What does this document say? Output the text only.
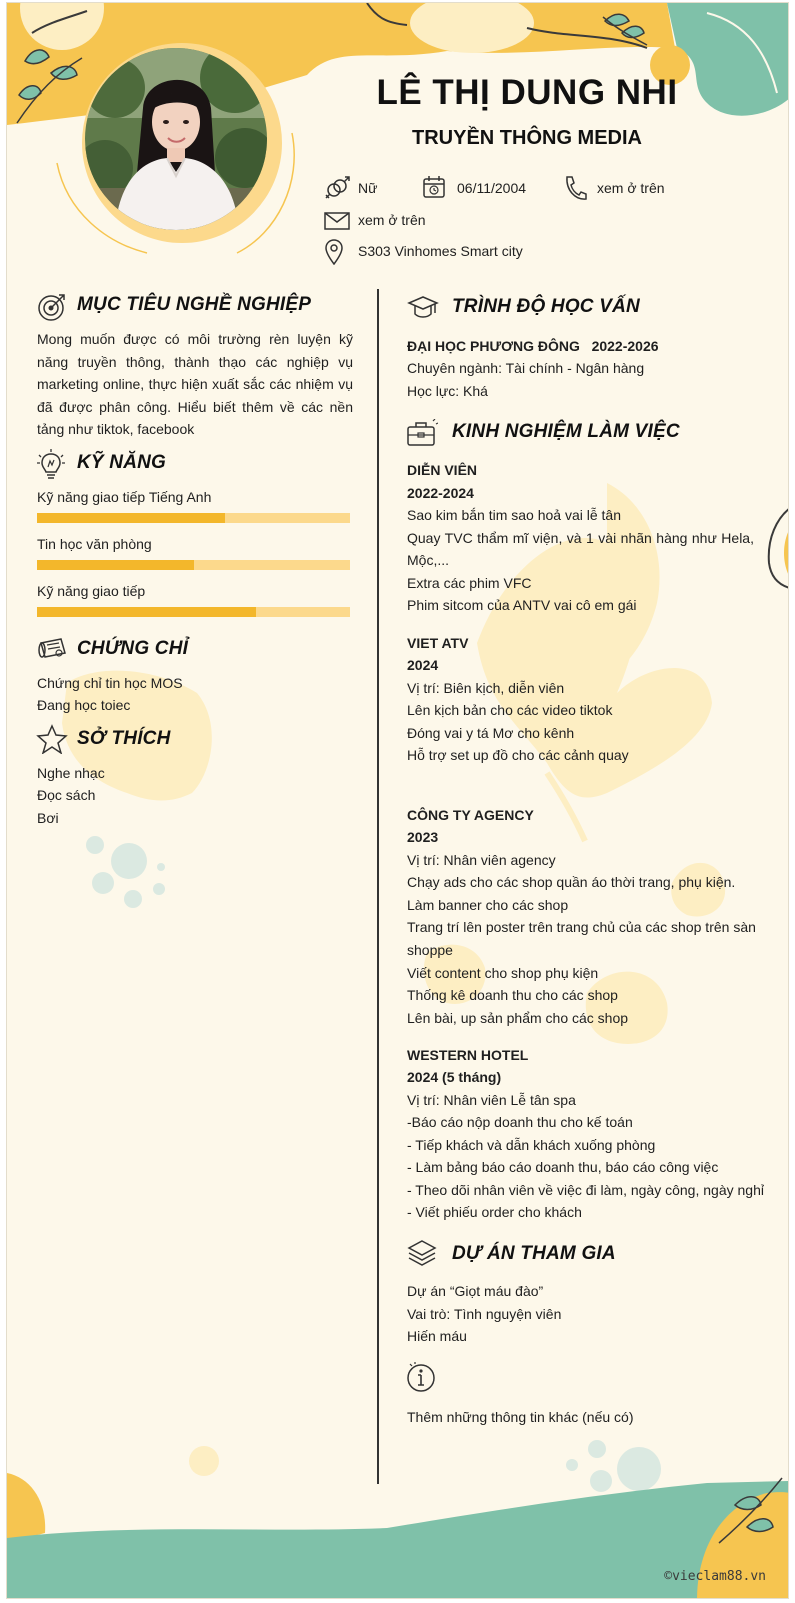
LÊ THỊ DUNG NHI
TRUYỀN THÔNG MEDIA
Nữ	06/11/2004	xem ở trên
xem ở trên
S303 Vinhomes Smart city
MỤC TIÊU NGHỀ NGHIỆP
Mong muốn được có môi trường rèn luyện kỹ năng truyền thông, thành thạo các nghiệp vụ marketing online, thực hiện xuất sắc các nhiệm vụ đã được phân công. Hiểu biết thêm về các nền tảng như tiktok, facebook
KỸ NĂNG
Kỹ năng giao tiếp Tiếng Anh
Tin học văn phòng
Kỹ năng giao tiếp
CHỨNG CHỈ
Chứng chỉ tin học MOS
Đang học toiec
SỞ THÍCH
Nghe nhạc
Đọc sách
Bơi
TRÌNH ĐỘ HỌC VẤN
ĐẠI HỌC PHƯƠNG ĐÔNG 2022-2026
Chuyên ngành: Tài chính - Ngân hàng
Học lực: Khá
KINH NGHIỆM LÀM VIỆC
DIỄN VIÊN
2022-2024
Sao kim bắn tim sao hoả vai lễ tân
Quay TVC thẩm mĩ viện, và 1 vài nhãn hàng như Hela,
Mộc,...
Extra các phim VFC
Phim sitcom của ANTV vai cô em gái
VIET ATV
2024
Vị trí: Biên kịch, diễn viên
Lên kịch bản cho các video tiktok
Đóng vai y tá Mơ cho kênh
Hỗ trợ set up đồ cho các cảnh quay
CÔNG TY AGENCY
2023
Vị trí: Nhân viên agency
Chạy ads cho các shop quần áo thời trang, phụ kiện.
Làm banner cho các shop
Trang trí lên poster trên trang chủ của các shop trên sàn
shoppe
Viết content cho shop phụ kiện
Thống kê doanh thu cho các shop
Lên bài, up sản phẩm cho các shop
WESTERN HOTEL
2024 (5 tháng)
Vị trí: Nhân viên Lễ tân spa
-Báo cáo nộp doanh thu cho kế toán
- Tiếp khách và dẫn khách xuống phòng
- Làm bảng báo cáo doanh thu, báo cáo công việc
- Theo dõi nhân viên về việc đi làm, ngày công, ngày nghỉ
- Viết phiếu order cho khách
DỰ ÁN THAM GIA
Dự án “Giọt máu đào”
Vai trò: Tình nguyện viên
Hiến máu
Thêm những thông tin khác (nếu có)
©vieclam88.vn
